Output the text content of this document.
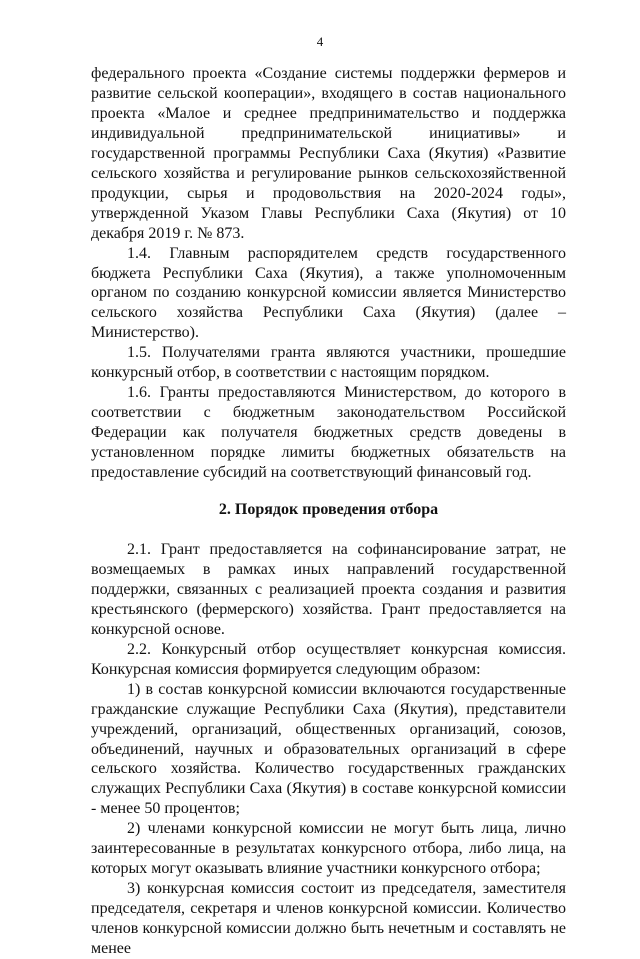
4

федерального проекта «Создание системы поддержки фермеров и развитие сельской кооперации», входящего в состав национального проекта «Малое и среднее предпринимательство и поддержка индивидуальной предпринимательской инициативы» и государственной программы Республики Саха (Якутия) «Развитие сельского хозяйства и регулирование рынков сельскохозяйственной продукции, сырья и продовольствия на 2020-2024 годы», утвержденной Указом Главы Республики Саха (Якутия) от 10 декабря 2019 г. № 873.

1.4. Главным распорядителем средств государственного бюджета Республики Саха (Якутия), а также уполномоченным органом по созданию конкурсной комиссии является Министерство сельского хозяйства Республики Саха (Якутия) (далее – Министерство).

1.5. Получателями гранта являются участники, прошедшие конкурсный отбор, в соответствии с настоящим порядком.

1.6. Гранты предоставляются Министерством, до которого в соответствии с бюджетным законодательством Российской Федерации как получателя бюджетных средств доведены в установленном порядке лимиты бюджетных обязательств на предоставление субсидий на соответствующий финансовый год.

2. Порядок проведения отбора

2.1. Грант предоставляется на софинансирование затрат, не возмещаемых в рамках иных направлений государственной поддержки, связанных с реализацией проекта создания и развития крестьянского (фермерского) хозяйства. Грант предоставляется на конкурсной основе.

2.2. Конкурсный отбор осуществляет конкурсная комиссия. Конкурсная комиссия формируется следующим образом:

1) в состав конкурсной комиссии включаются государственные гражданские служащие Республики Саха (Якутия), представители учреждений, организаций, общественных организаций, союзов, объединений, научных и образовательных организаций в сфере сельского хозяйства. Количество государственных гражданских служащих Республики Саха (Якутия) в составе конкурсной комиссии - менее 50 процентов;

2) членами конкурсной комиссии не могут быть лица, лично заинтересованные в результатах конкурсного отбора, либо лица, на которых могут оказывать влияние участники конкурсного отбора;

3) конкурсная комиссия состоит из председателя, заместителя председателя, секретаря и членов конкурсной комиссии. Количество членов конкурсной комиссии должно быть нечетным и составлять не менее
